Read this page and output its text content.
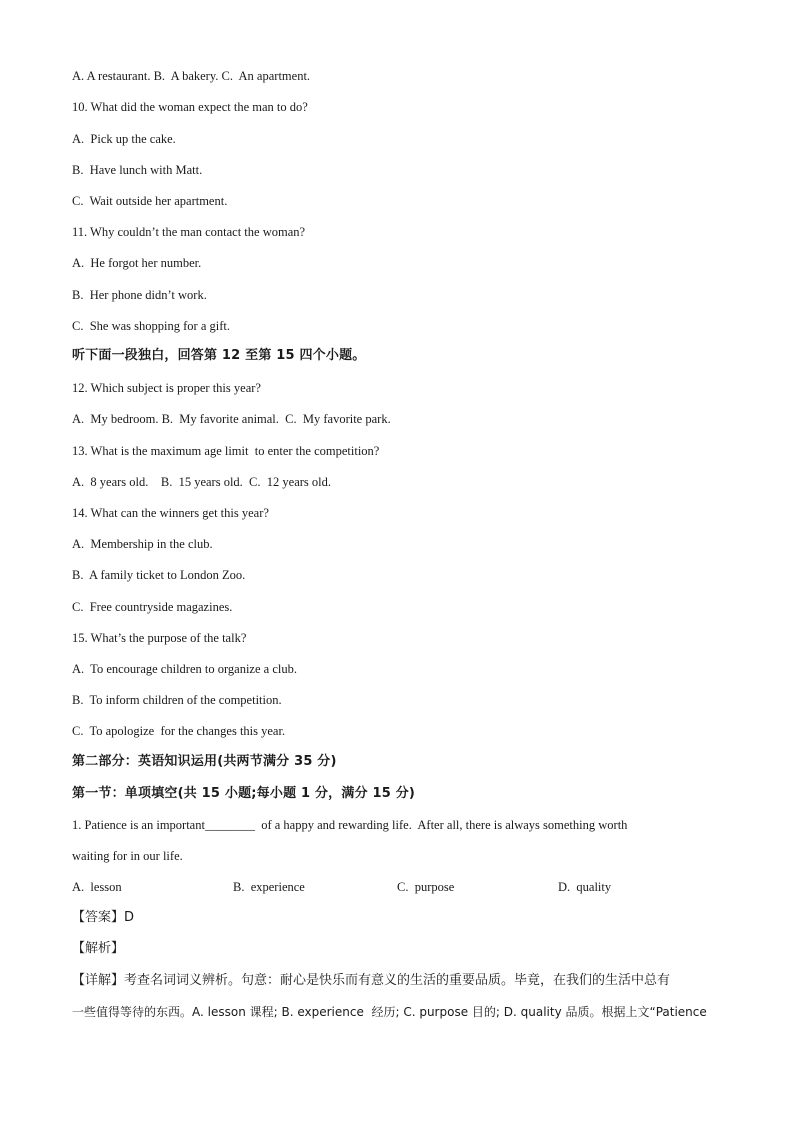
A. A restaurant. B.  A bakery. C.  An apartment.
10. What did the woman expect the man to do?
A.  Pick up the cake.
B.  Have lunch with Matt.
C.  Wait outside her apartment.
11. Why couldn’t the man contact the woman?
A.  He forgot her number.
B.  Her phone didn’t work.
C.  She was shopping for a gift.
听下面一段独白，回答第 12 至第 15 四个小题。
12. Which subject is proper this year?
A.  My bedroom. B.  My favorite animal.  C.  My favorite park.
13. What is the maximum age limit  to enter the competition?
A.  8 years old.    B.  15 years old.  C.  12 years old.
14. What can the winners get this year?
A.  Membership in the club.
B.  A family ticket to London Zoo.
C.  Free countryside magazines.
15. What’s the purpose of the talk?
A.  To encourage children to organize a club.
B.  To inform children of the competition.
C.  To apologize  for the changes this year.
第二部分：英语知识运用(共两节满分 35 分)
第一节：单项填空(共 15 小题;每小题 1 分，满分 15 分)
1. Patience is an important________  of a happy and rewarding life.  After all, there is always something worth
waiting for in our life.
A.  lesson	B.  experience	C.  purpose	D.  quality
【答案】D
【解析】
【详解】考查名词词义辨析。句意：耐心是快乐而有意义的生活的重要品质。毕竟，在我们的生活中总有
一些值得等待的东西。A. lesson 课程; B. experience  经历; C. purpose 目的; D. quality 品质。根据上文“Patience
